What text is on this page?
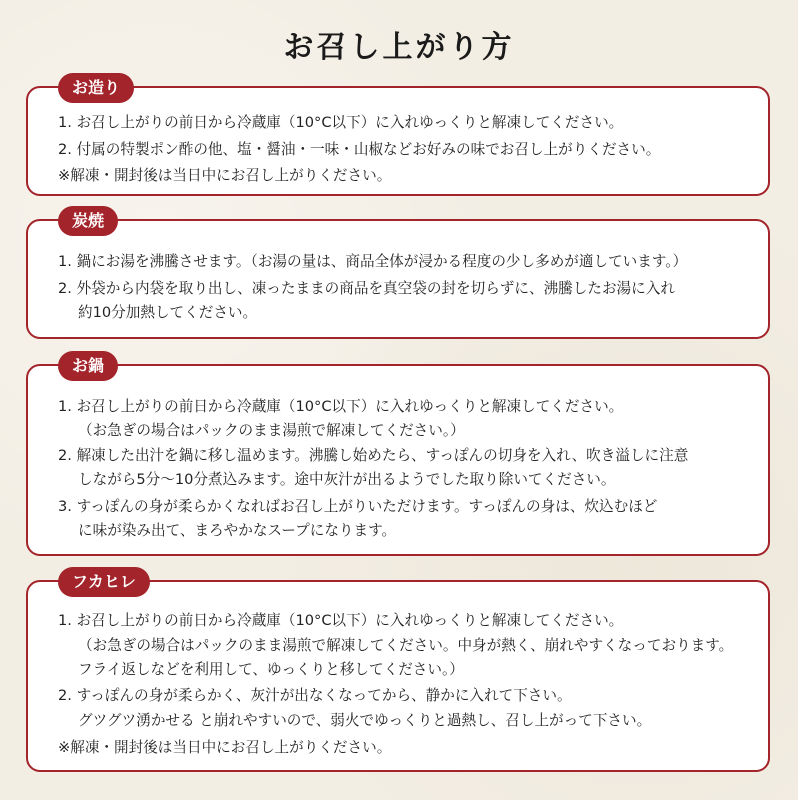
お召し上がり方
お造り
1. お召し上がりの前日から冷蔵庫（10°C以下）に入れゆっくりと解凍してください。
2. 付属の特製ポン酢の他、塩・醤油・一味・山椒などお好みの味でお召し上がりください。
※解凍・開封後は当日中にお召し上がりください。
炭焼
1. 鍋にお湯を沸騰させます。（お湯の量は、商品全体が浸かる程度の少し多めが適しています。）
2. 外袋から内袋を取り出し、凍ったままの商品を真空袋の封を切らずに、沸騰したお湯に入れ
約10分加熱してください。
お鍋
1. お召し上がりの前日から冷蔵庫（10°C以下）に入れゆっくりと解凍してください。
（お急ぎの場合はパックのまま湯煎で解凍してください。）
2. 解凍した出汁を鍋に移し温めます。沸騰し始めたら、すっぽんの切身を入れ、吹き溢しに注意
しながら5分〜10分煮込みます。途中灰汁が出るようでした取り除いてください。
3. すっぽんの身が柔らかくなればお召し上がりいただけます。すっぽんの身は、炊込むほど
に味が染み出て、まろやかなスープになります。
フカヒレ
1. お召し上がりの前日から冷蔵庫（10°C以下）に入れゆっくりと解凍してください。
（お急ぎの場合はパックのまま湯煎で解凍してください。中身が熱く、崩れやすくなっております。
フライ返しなどを利用して、ゆっくりと移してください。）
2. すっぽんの身が柔らかく、灰汁が出なくなってから、静かに入れて下さい。
グツグツ湧かせる と崩れやすいので、弱火でゆっくりと過熱し、召し上がって下さい。
※解凍・開封後は当日中にお召し上がりください。
